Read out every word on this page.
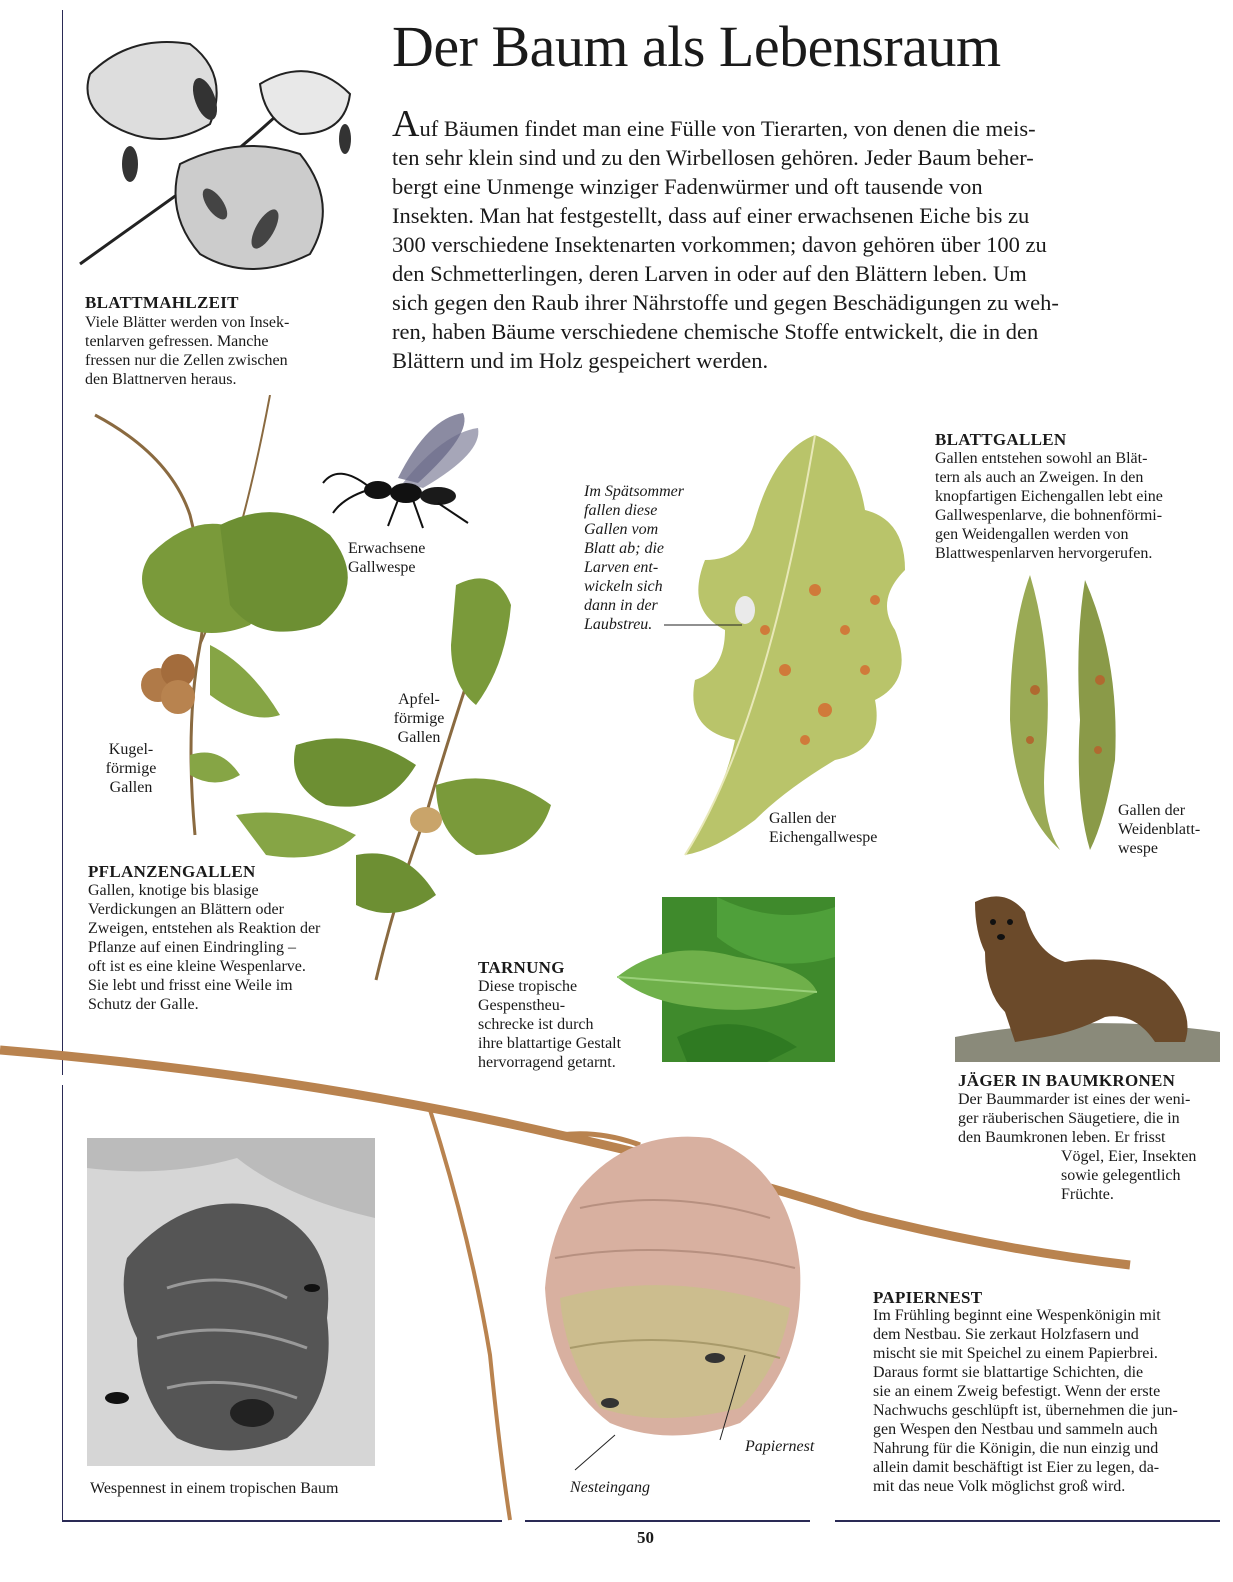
Der Baum als Lebensraum
Auf Bäumen findet man eine Fülle von Tierarten, von denen die meis-
ten sehr klein sind und zu den Wirbellosen gehören. Jeder Baum beher-
bergt eine Unmenge winziger Fadenwürmer und oft tausende von
Insekten. Man hat festgestellt, dass auf einer erwachsenen Eiche bis zu
300 verschiedene Insektenarten vorkommen; davon gehören über 100 zu
den Schmetterlingen, deren Larven in oder auf den Blättern leben. Um
sich gegen den Raub ihrer Nährstoffe und gegen Beschädigungen zu weh-
ren, haben Bäume verschiedene chemische Stoffe entwickelt, die in den
Blättern und im Holz gespeichert werden.
BLATTMAHLZEIT
Viele Blätter werden von Insek-
tenlarven gefressen. Manche
fressen nur die Zellen zwischen
den Blattnerven heraus.
Kugel-
förmige
Gallen
Erwachsene
Gallwespe
Apfel-
förmige
Gallen
PFLANZENGALLEN
Gallen, knotige bis blasige
Verdickungen an Blättern oder
Zweigen, entstehen als Reaktion der
Pflanze auf einen Eindringling –
oft ist es eine kleine Wespenlarve.
Sie lebt und frisst eine Weile im
Schutz der Galle.
Im Spätsommer
fallen diese
Gallen vom
Blatt ab; die
Larven ent-
wickeln sich
dann in der
Laubstreu.
Gallen der
Eichengallwespe
BLATTGALLEN
Gallen entstehen sowohl an Blät-
tern als auch an Zweigen. In den
knopfartigen Eichengallen lebt eine
Gallwespenlarve, die bohnenförmi-
gen Weidengallen werden von
Blattwespenlarven hervorgerufen.
Gallen der
Weidenblatt-
wespe
TARNUNG
Diese tropische
Gespenstheu-
schrecke ist durch
ihre blattartige Gestalt
hervorragend getarnt.
JÄGER IN BAUMKRONEN
Der Baummarder ist eines der weni-
ger räuberischen Säugetiere, die in
den Baumkronen leben. Er frisst
Vögel, Eier, Insekten
sowie gelegentlich
Früchte.
Wespennest in einem tropischen Baum	Nesteingang
Papiernest
PAPIERNEST
Im Frühling beginnt eine Wespenkönigin mit
dem Nestbau. Sie zerkaut Holzfasern und
mischt sie mit Speichel zu einem Papierbrei.
Daraus formt sie blattartige Schichten, die
sie an einem Zweig befestigt. Wenn der erste
Nachwuchs geschlüpft ist, übernehmen die jun-
gen Wespen den Nestbau und sammeln auch
Nahrung für die Königin, die nun einzig und
allein damit beschäftigt ist Eier zu legen, da-
mit das neue Volk möglichst groß wird.
50
